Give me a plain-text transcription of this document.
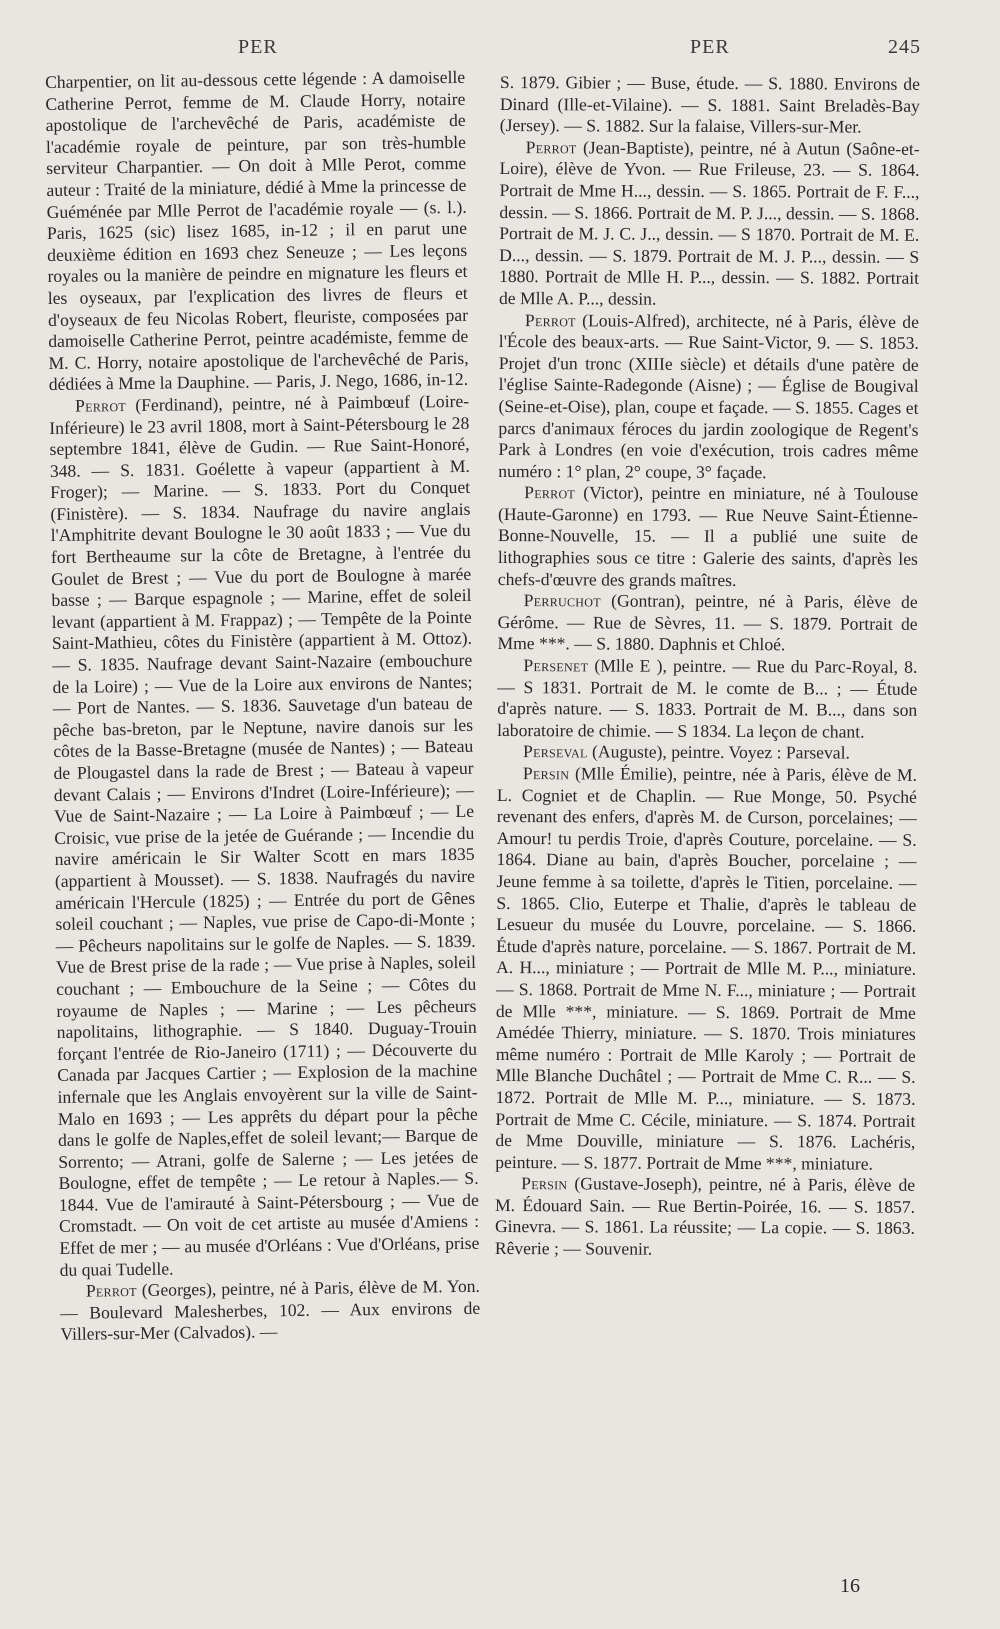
PER	PER	245

Charpentier, on lit au-dessous cette légende : A damoiselle Catherine Perrot, femme de M. Claude Horry, notaire apostolique de l'archevêché de Paris, académiste de l'académie royale de peinture, par son très-humble serviteur Charpantier. — On doit à Mlle Perot, comme auteur : Traité de la miniature, dédié à Mme la princesse de Guéménée par Mlle Perrot de l'académie royale — (s. l.). Paris, 1625 (sic) lisez 1685, in-12 ; il en parut une deuxième édition en 1693 chez Seneuze ; — Les leçons royales ou la manière de peindre en mignature les fleurs et les oyseaux, par l'explication des livres de fleurs et d'oyseaux de feu Nicolas Robert, fleuriste, composées par damoiselle Catherine Perrot, peintre académiste, femme de M. C. Horry, notaire apostolique de l'archevêché de Paris, dédiées à Mme la Dauphine. — Paris, J. Nego, 1686, in-12.

Perrot (Ferdinand), peintre, né à Paimbœuf (Loire-Inférieure) le 23 avril 1808, mort à Saint-Pétersbourg le 28 septembre 1841, élève de Gudin. — Rue Saint-Honoré, 348. — S. 1831. Goélette à vapeur (appartient à M. Froger); — Marine. — S. 1833. Port du Conquet (Finistère). — S. 1834. Naufrage du navire anglais l'Amphitrite devant Boulogne le 30 août 1833 ; — Vue du fort Bertheaume sur la côte de Bretagne, à l'entrée du Goulet de Brest ; — Vue du port de Boulogne à marée basse ; — Barque espagnole ; — Marine, effet de soleil levant (appartient à M. Frappaz) ; — Tempête de la Pointe Saint-Mathieu, côtes du Finistère (appartient à M. Ottoz). — S. 1835. Naufrage devant Saint-Nazaire (embouchure de la Loire) ; — Vue de la Loire aux environs de Nantes; — Port de Nantes. — S. 1836. Sauvetage d'un bateau de pêche bas-breton, par le Neptune, navire danois sur les côtes de la Basse-Bretagne (musée de Nantes) ; — Bateau de Plougastel dans la rade de Brest ; — Bateau à vapeur devant Calais ; — Environs d'Indret (Loire-Inférieure); — Vue de Saint-Nazaire ; — La Loire à Paimbœuf ; — Le Croisic, vue prise de la jetée de Guérande ; — Incendie du navire américain le Sir Walter Scott en mars 1835 (appartient à Mousset). — S. 1838. Naufragés du navire américain l'Hercule (1825) ; — Entrée du port de Gênes soleil couchant ; — Naples, vue prise de Capo-di-Monte ; — Pêcheurs napolitains sur le golfe de Naples. — S. 1839. Vue de Brest prise de la rade ; — Vue prise à Naples, soleil couchant ; — Embouchure de la Seine ; — Côtes du royaume de Naples ; — Marine ; — Les pêcheurs napolitains, lithographie. — S 1840. Duguay-Trouin forçant l'entrée de Rio-Janeiro (1711) ; — Découverte du Canada par Jacques Cartier ; — Explosion de la machine infernale que les Anglais envoyèrent sur la ville de Saint-Malo en 1693 ; — Les apprêts du départ pour la pêche dans le golfe de Naples,effet de soleil levant;— Barque de Sorrento; — Atrani, golfe de Salerne ; — Les jetées de Boulogne, effet de tempête ; — Le retour à Naples.— S. 1844. Vue de l'amirauté à Saint-Pétersbourg ; — Vue de Cromstadt. — On voit de cet artiste au musée d'Amiens : Effet de mer ; — au musée d'Orléans : Vue d'Orléans, prise du quai Tudelle.

Perrot (Georges), peintre, né à Paris, élève de M. Yon. — Boulevard Malesherbes, 102. — Aux environs de Villers-sur-Mer (Calvados). —

S. 1879. Gibier ; — Buse, étude. — S. 1880. Environs de Dinard (Ille-et-Vilaine). — S. 1881. Saint Breladès-Bay (Jersey). — S. 1882. Sur la falaise, Villers-sur-Mer.

Perrot (Jean-Baptiste), peintre, né à Autun (Saône-et-Loire), élève de Yvon. — Rue Frileuse, 23. — S. 1864. Portrait de Mme H..., dessin. — S. 1865. Portrait de F. F..., dessin. — S. 1866. Portrait de M. P. J..., dessin. — S. 1868. Portrait de M. J. C. J.., dessin. — S 1870. Portrait de M. E. D..., dessin. — S. 1879. Portrait de M. J. P..., dessin. — S 1880. Portrait de Mlle H. P..., dessin. — S. 1882. Portrait de Mlle A. P..., dessin.

Perrot (Louis-Alfred), architecte, né à Paris, élève de l'École des beaux-arts. — Rue Saint-Victor, 9. — S. 1853. Projet d'un tronc (XIIIe siècle) et détails d'une patère de l'église Sainte-Radegonde (Aisne) ; — Église de Bougival (Seine-et-Oise), plan, coupe et façade. — S. 1855. Cages et parcs d'animaux féroces du jardin zoologique de Regent's Park à Londres (en voie d'exécution, trois cadres même numéro : 1° plan, 2° coupe, 3° façade.

Perrot (Victor), peintre en miniature, né à Toulouse (Haute-Garonne) en 1793. — Rue Neuve Saint-Étienne-Bonne-Nouvelle, 15. — Il a publié une suite de lithographies sous ce titre : Galerie des saints, d'après les chefs-d'œuvre des grands maîtres.

Perruchot (Gontran), peintre, né à Paris, élève de Gérôme. — Rue de Sèvres, 11. — S. 1879. Portrait de Mme ***. — S. 1880. Daphnis et Chloé.

Persenet (Mlle E ), peintre. — Rue du Parc-Royal, 8. — S 1831. Portrait de M. le comte de B... ; — Étude d'après nature. — S. 1833. Portrait de M. B..., dans son laboratoire de chimie. — S 1834. La leçon de chant.

Perseval (Auguste), peintre. Voyez : Parseval.

Persin (Mlle Émilie), peintre, née à Paris, élève de M. L. Cogniet et de Chaplin. — Rue Monge, 50. Psyché revenant des enfers, d'après M. de Curson, porcelaines; — Amour! tu perdis Troie, d'après Couture, porcelaine. — S. 1864. Diane au bain, d'après Boucher, porcelaine ; — Jeune femme à sa toilette, d'après le Titien, porcelaine. — S. 1865. Clio, Euterpe et Thalie, d'après le tableau de Lesueur du musée du Louvre, porcelaine. — S. 1866. Étude d'après nature, porcelaine. — S. 1867. Portrait de M. A. H..., miniature ; — Portrait de Mlle M. P..., miniature. — S. 1868. Portrait de Mme N. F..., miniature ; — Portrait de Mlle ***, miniature. — S. 1869. Portrait de Mme Amédée Thierry, miniature. — S. 1870. Trois miniatures même numéro : Portrait de Mlle Karoly ; — Portrait de Mlle Blanche Duchâtel ; — Portrait de Mme C. R... — S. 1872. Portrait de Mlle M. P..., miniature. — S. 1873. Portrait de Mme C. Cécile, miniature. — S. 1874. Portrait de Mme Douville, miniature — S. 1876. Lachéris, peinture. — S. 1877. Portrait de Mme ***, miniature.

Persin (Gustave-Joseph), peintre, né à Paris, élève de M. Édouard Sain. — Rue Bertin-Poirée, 16. — S. 1857. Ginevra. — S. 1861. La réussite; — La copie. — S. 1863. Rêverie ; — Souvenir.

16
